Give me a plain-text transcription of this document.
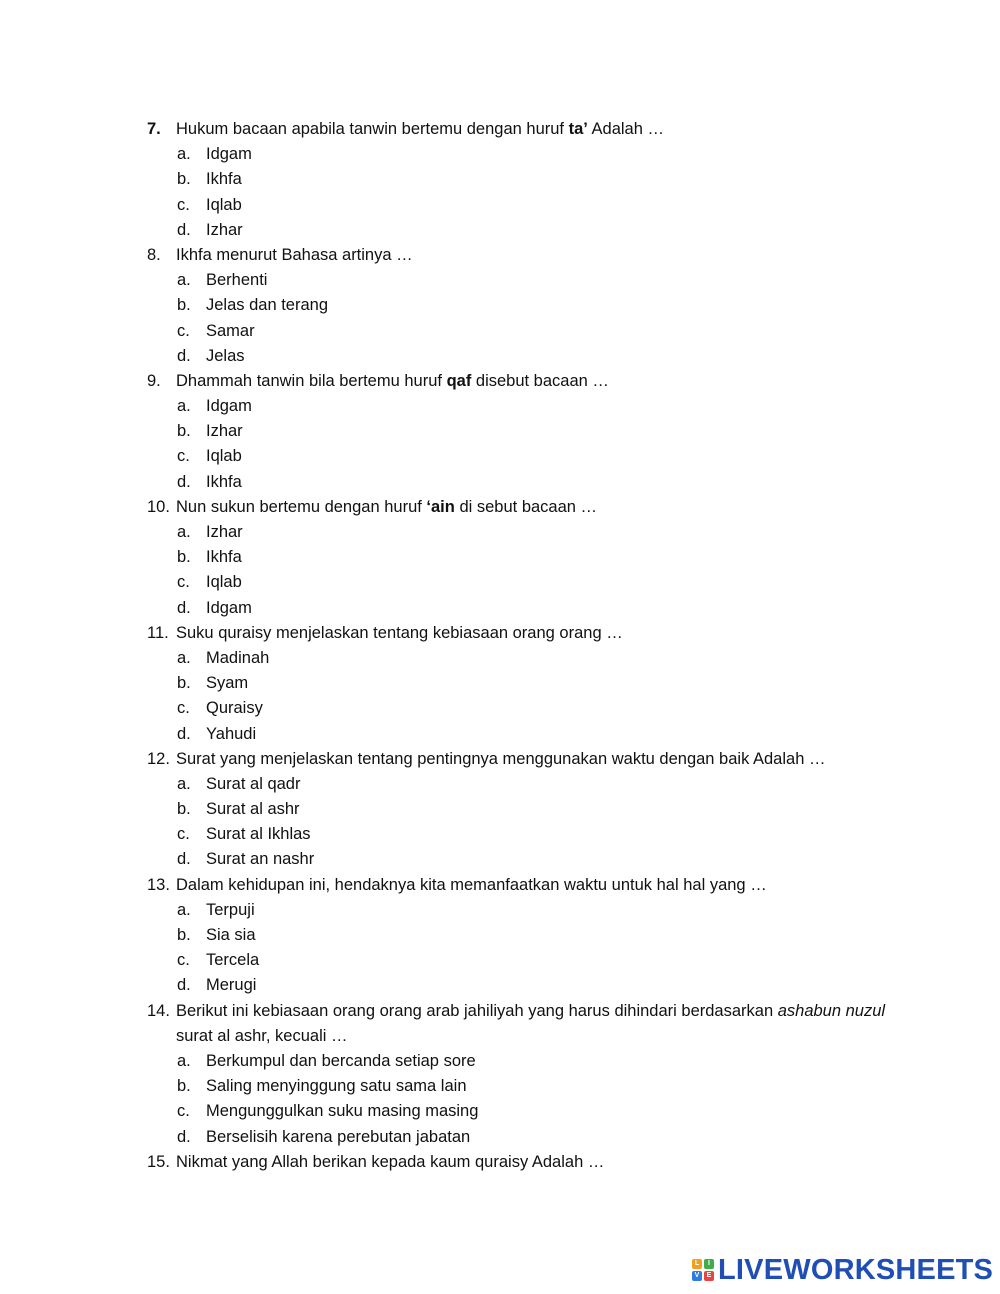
7. Hukum bacaan apabila tanwin bertemu dengan huruf ta’ Adalah …
a. Idgam
b. Ikhfa
c. Iqlab
d. Izhar
8. Ikhfa menurut Bahasa artinya …
a. Berhenti
b. Jelas dan terang
c. Samar
d. Jelas
9. Dhammah tanwin bila bertemu huruf qaf disebut bacaan …
a. Idgam
b. Izhar
c. Iqlab
d. Ikhfa
10. Nun sukun bertemu dengan huruf ‘ain di sebut bacaan …
a. Izhar
b. Ikhfa
c. Iqlab
d. Idgam
11. Suku quraisy menjelaskan tentang kebiasaan orang orang …
a. Madinah
b. Syam
c. Quraisy
d. Yahudi
12. Surat yang menjelaskan tentang pentingnya menggunakan waktu dengan baik Adalah …
a. Surat al qadr
b. Surat al ashr
c. Surat al Ikhlas
d. Surat an nashr
13. Dalam kehidupan ini, hendaknya kita memanfaatkan waktu untuk hal hal yang …
a. Terpuji
b. Sia sia
c. Tercela
d. Merugi
14. Berikut ini kebiasaan orang orang arab jahiliyah yang harus dihindari berdasarkan ashabun nuzul
surat al ashr, kecuali …
a. Berkumpul dan bercanda setiap sore
b. Saling menyinggung satu sama lain
c. Mengunggulkan suku masing masing
d. Berselisih karena perebutan jabatan
15. Nikmat yang Allah berikan kepada kaum quraisy Adalah …
L	I
V	E LIVEWORKSHEETS
